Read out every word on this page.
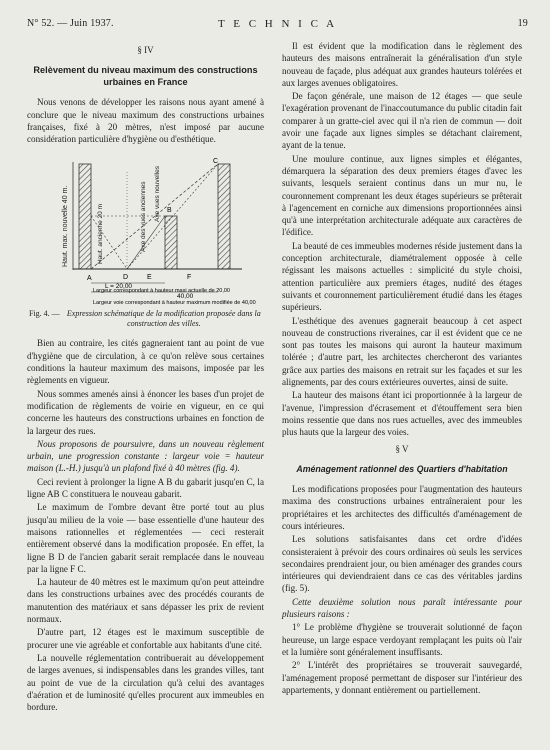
N° 52. — Juin 1937.	T E C H N I C A	19
§ IV
Relèvement du niveau maximum des constructions urbaines en France

Nous venons de développer les raisons nous ayant amené à conclure que le niveau maximum des constructions urbaines françaises, fixé à 20 mètres, n'est imposé par aucune considération particulière d'hygiène ou d'esthétique.

Haut. max. nouvelle 40 m.	Haut. ancienne 20 m	Axe des vues anciennes Axe vues nouvelles
A
B
C
D	E	F
L = 20,00
40,00
Largeur correspondant à hauteur maxi actuelle de 20,00
Largeur voie correspondant à hauteur maximum modifiée de 40,00
Fig. 4. — Expression schématique de la modification proposée dans la construction des villes.

Bien au contraire, les cités gagneraient tant au point de vue d'hygiène que de circulation, à ce qu'on relève sous certaines conditions la hauteur maximum des maisons, imposée par les règlements en vigueur.

Nous sommes amenés ainsi à énoncer les bases d'un projet de modification de règlements de voirie en vigueur, en ce qui concerne les hauteurs des constructions urbaines en fonction de la largeur des rues.

Nous proposons de poursuivre, dans un nouveau règlement urbain, une progression constante : largeur voie = hauteur maison (L.-H.) jusqu'à un plafond fixé à 40 mètres (fig. 4).

Ceci revient à prolonger la ligne A B du gabarit jusqu'en C, la ligne AB C constituera le nouveau gabarit.

Le maximum de l'ombre devant être porté tout au plus jusqu'au milieu de la voie — base essentielle d'une hauteur des maisons rationnelles et réglementées — ceci resterait entièrement observé dans la modification proposée. En effet, la ligne B D de l'ancien gabarit serait remplacée dans le nouveau par la ligne F C.

La hauteur de 40 mètres est le maximum qu'on peut atteindre dans les constructions urbaines avec des procédés courants de manutention des matériaux et sans dépasser les prix de revient normaux.

D'autre part, 12 étages est le maximum susceptible de procurer une vie agréable et confortable aux habitants d'une cité.

La nouvelle réglementation contribuerait au développement de larges avenues, si indispensables dans les grandes villes, tant au point de vue de la circulation qu'à celui des avantages d'aération et de luminosité qu'elles procurent aux immeubles en bordure.

Il est évident que la modification dans le règlement des hauteurs des maisons entraînerait la généralisation d'un style nouveau de façade, plus adéquat aux grandes hauteurs tolérées et aux larges avenues obligatoires.

De façon générale, une maison de 12 étages — que seule l'exagération provenant de l'inaccoutumance du public citadin fait comparer à un gratte-ciel avec qui il n'a rien de commun — doit avoir une façade aux lignes simples se détachant clairement, ayant de la tenue.

Une moulure continue, aux lignes simples et élégantes, démarquera la séparation des deux premiers étages d'avec les suivants, lesquels seraient continus dans un mur nu, le couronnement comprenant les deux étages supérieurs se prêterait à l'agencement en corniche aux dimensions proportionnées ainsi qu'à une interprétation architecturale adéquate aux caractères de l'édifice.

La beauté de ces immeubles modernes réside justement dans la conception architecturale, diamétralement opposée à celle régissant les maisons actuelles : simplicité du style choisi, attention particulière aux premiers étages, nudité des étages suivants et couronnement particulièrement étudié dans les étages supérieurs.

L'esthétique des avenues gagnerait beaucoup à cet aspect nouveau de constructions riveraines, car il est évident que ce ne sont pas toutes les maisons qui auront la hauteur maximum tolérée ; d'autre part, les architectes chercheront des variantes grâce aux parties des maisons en retrait sur les façades et sur les alignements, par des cours extérieures ouvertes, ainsi de suite.

La hauteur des maisons étant ici proportionnée à la largeur de l'avenue, l'impression d'écrasement et d'étouffement sera bien moins ressentie que dans nos rues actuelles, avec des immeubles plus hauts que la largeur des voies.

§ V
Aménagement rationnel des Quartiers d'habitation

Les modifications proposées pour l'augmentation des hauteurs maxima des constructions urbaines entraîneraient pour les propriétaires et les architectes des difficultés d'aménagement de cours intérieures.

Les solutions satisfaisantes dans cet ordre d'idées consisteraient à prévoir des cours ordinaires où seuls les services secondaires prendraient jour, ou bien aménager des grandes cours intérieures qui deviendraient dans ce cas des véritables jardins (fig. 5).

Cette deuxième solution nous paraît intéressante pour plusieurs raisons :

1° Le problème d'hygiène se trouverait solutionné de façon heureuse, un large espace verdoyant remplaçant les puits où l'air et la lumière sont généralement insuffisants.

2° L'intérêt des propriétaires se trouverait sauvegardé, l'aménagement proposé permettant de disposer sur l'intérieur des appartements, y donnant entièrement ou partiellement.
